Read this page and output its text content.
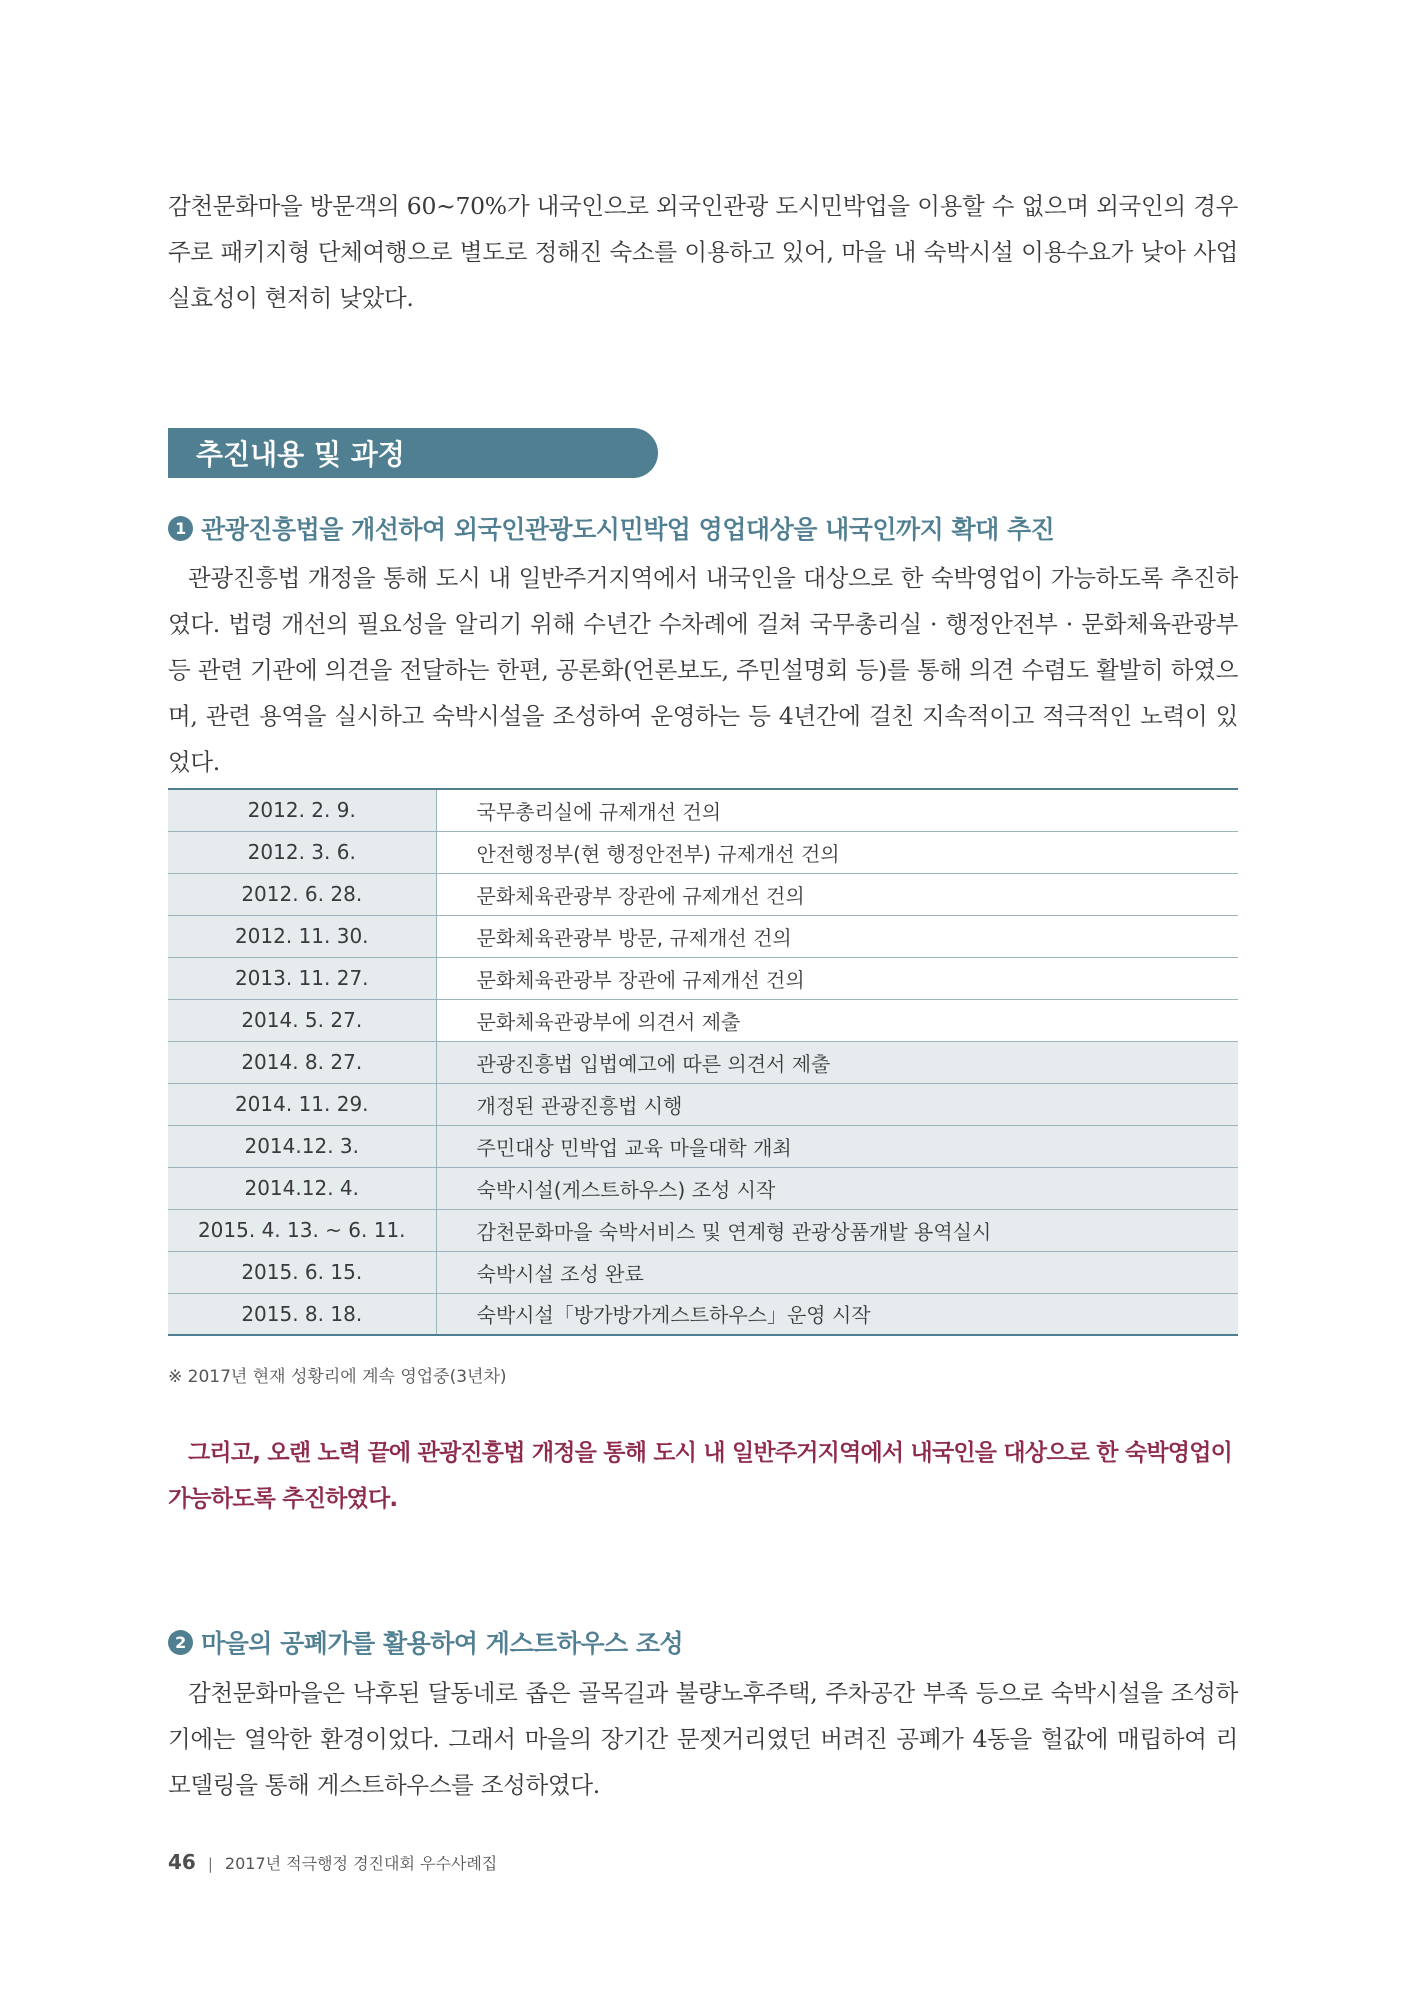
감천문화마을 방문객의 60~70%가 내국인으로 외국인관광 도시민박업을 이용할 수 없으며 외국인의 경우 주로 패키지형 단체여행으로 별도로 정해진 숙소를 이용하고 있어, 마을 내 숙박시설 이용수요가 낮아 사업실효성이 현저히 낮았다.

추진내용 및 과정
1 관광진흥법을 개선하여 외국인관광도시민박업 영업대상을 내국인까지 확대 추진

관광진흥법 개정을 통해 도시 내 일반주거지역에서 내국인을 대상으로 한 숙박영업이 가능하도록 추진하였다. 법령 개선의 필요성을 알리기 위해 수년간 수차례에 걸쳐 국무총리실 · 행정안전부 · 문화체육관광부 등 관련 기관에 의견을 전달하는 한편, 공론화(언론보도, 주민설명회 등)를 통해 의견 수렴도 활발히 하였으며, 관련 용역을 실시하고 숙박시설을 조성하여 운영하는 등 4년간에 걸친 지속적이고 적극적인 노력이 있었다.

2012. 2. 9.	국무총리실에 규제개선 건의
2012. 3. 6.	안전행정부(현 행정안전부) 규제개선 건의
2012. 6. 28.	문화체육관광부 장관에 규제개선 건의
2012. 11. 30.	문화체육관광부 방문, 규제개선 건의
2013. 11. 27.	문화체육관광부 장관에 규제개선 건의
2014. 5. 27.	문화체육관광부에 의견서 제출
2014. 8. 27.	관광진흥법 입법예고에 따른 의견서 제출
2014. 11. 29.	개정된 관광진흥법 시행
2014.12. 3.	주민대상 민박업 교육 마을대학 개최
2014.12. 4.	숙박시설(게스트하우스) 조성 시작
2015. 4. 13. ~ 6. 11.	감천문화마을 숙박서비스 및 연계형 관광상품개발 용역실시
2015. 6. 15.	숙박시설 조성 완료
2015. 8. 18.	숙박시설「방가방가게스트하우스」운영 시작

※ 2017년 현재 성황리에 계속 영업중(3년차)

그리고, 오랜 노력 끝에 관광진흥법 개정을 통해 도시 내 일반주거지역에서 내국인을 대상으로 한 숙박영업이 가능하도록 추진하였다.

2 마을의 공폐가를 활용하여 게스트하우스 조성

감천문화마을은 낙후된 달동네로 좁은 골목길과 불량노후주택, 주차공간 부족 등으로 숙박시설을 조성하기에는 열악한 환경이었다. 그래서 마을의 장기간 문젯거리였던 버려진 공폐가 4동을 헐값에 매립하여 리모델링을 통해 게스트하우스를 조성하였다.

46 | 2017년 적극행정 경진대회 우수사례집
